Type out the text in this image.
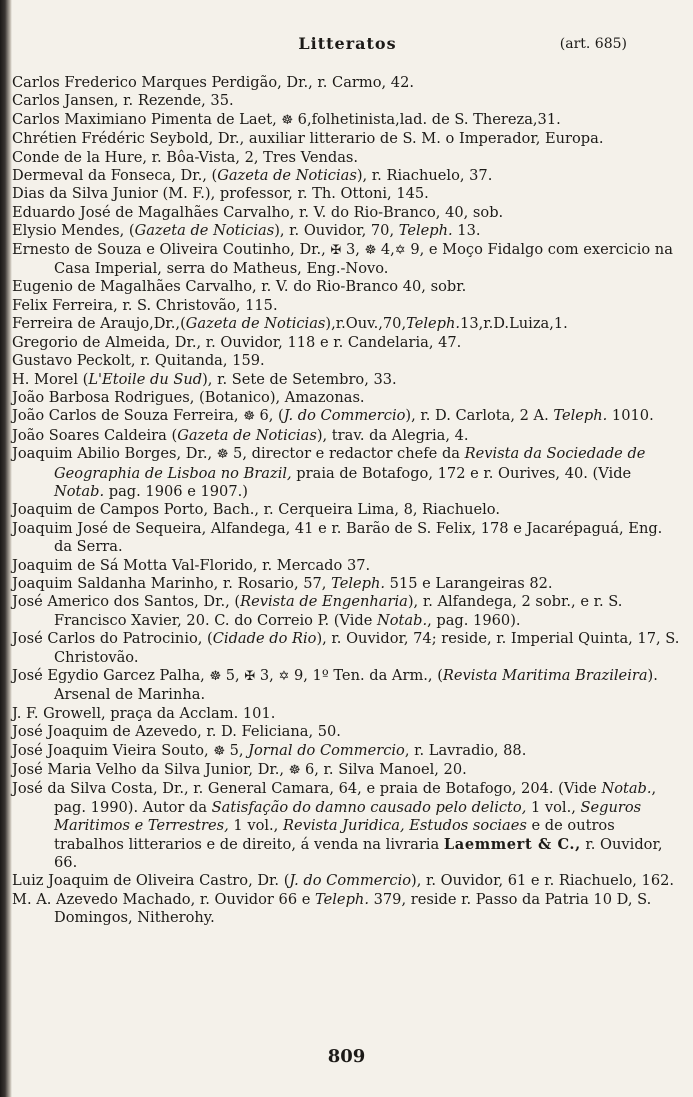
Litteratos	(art. 685)

Carlos Frederico Marques Perdigão, Dr., r. Carmo, 42.

Carlos Jansen, r. Rezende, 35.

Carlos Maximiano Pimenta de Laet, ☸ 6,folhetinista,lad. de S. Thereza,31.

Chrétien Frédéric Seybold, Dr., auxiliar litterario de S. M. o Imperador, Europa.

Conde de la Hure, r. Bôa-Vista, 2, Tres Vendas.

Dermeval da Fonseca, Dr., (Gazeta de Noticias), r. Riachuelo, 37.

Dias da Silva Junior (M. F.), professor, r. Th. Ottoni, 145.

Eduardo José de Magalhães Carvalho, r. V. do Rio-Branco, 40, sob.

Elysio Mendes, (Gazeta de Noticias), r. Ouvidor, 70, Teleph. 13.

Ernesto de Souza e Oliveira Coutinho, Dr., ✠ 3, ☸ 4,✡ 9, e Moço Fidalgo com exercicio na Casa Imperial, serra do Matheus, Eng.-Novo.

Eugenio de Magalhães Carvalho, r. V. do Rio-Branco 40, sobr.

Felix Ferreira, r. S. Christovão, 115.

Ferreira de Araujo,Dr.,(Gazeta de Noticias),r.Ouv.,70,Teleph.13,r.D.Luiza,1.

Gregorio de Almeida, Dr., r. Ouvidor, 118 e r. Candelaria, 47.

Gustavo Peckolt, r. Quitanda, 159.

H. Morel (L'Etoile du Sud), r. Sete de Setembro, 33.

João Barbosa Rodrigues, (Botanico), Amazonas.

João Carlos de Souza Ferreira, ☸ 6, (J. do Commercio), r. D. Carlota, 2 A. Teleph. 1010.

João Soares Caldeira (Gazeta de Noticias), trav. da Alegria, 4.

Joaquim Abilio Borges, Dr., ☸ 5, director e redactor chefe da Revista da Sociedade de Geographia de Lisboa no Brazil, praia de Botafogo, 172 e r. Ourives, 40. (Vide Notab. pag. 1906 e 1907.)

Joaquim de Campos Porto, Bach., r. Cerqueira Lima, 8, Riachuelo.

Joaquim José de Sequeira, Alfandega, 41 e r. Barão de S. Felix, 178 e Jacarépaguá, Eng. da Serra.

Joaquim de Sá Motta Val-Florido, r. Mercado 37.

Joaquim Saldanha Marinho, r. Rosario, 57, Teleph. 515 e Larangeiras 82.

José Americo dos Santos, Dr., (Revista de Engenharia), r. Alfandega, 2 sobr., e r. S. Francisco Xavier, 20. C. do Correio P. (Vide Notab., pag. 1960).

José Carlos do Patrocinio, (Cidade do Rio), r. Ouvidor, 74; reside, r. Imperial Quinta, 17, S. Christovão.

José Egydio Garcez Palha, ☸ 5, ✠ 3, ✡ 9, 1º Ten. da Arm., (Revista Maritima Brazileira). Arsenal de Marinha.

J. F. Growell, praça da Acclam. 101.

José Joaquim de Azevedo, r. D. Feliciana, 50.

José Joaquim Vieira Souto, ☸ 5, Jornal do Commercio, r. Lavradio, 88.

José Maria Velho da Silva Junior, Dr., ☸ 6, r. Silva Manoel, 20.

José da Silva Costa, Dr., r. General Camara, 64, e praia de Botafogo, 204. (Vide Notab., pag. 1990). Autor da Satisfação do damno causado pelo delicto, 1 vol., Seguros Maritimos e Terrestres, 1 vol., Revista Juridica, Estudos sociaes e de outros trabalhos litterarios e de direito, á venda na livraria Laemmert & C., r. Ouvidor, 66.

Luiz Joaquim de Oliveira Castro, Dr. (J. do Commercio), r. Ouvidor, 61 e r. Riachuelo, 162.

M. A. Azevedo Machado, r. Ouvidor 66 e Teleph. 379, reside r. Passo da Patria 10 D, S. Domingos, Nitherohy.

809
